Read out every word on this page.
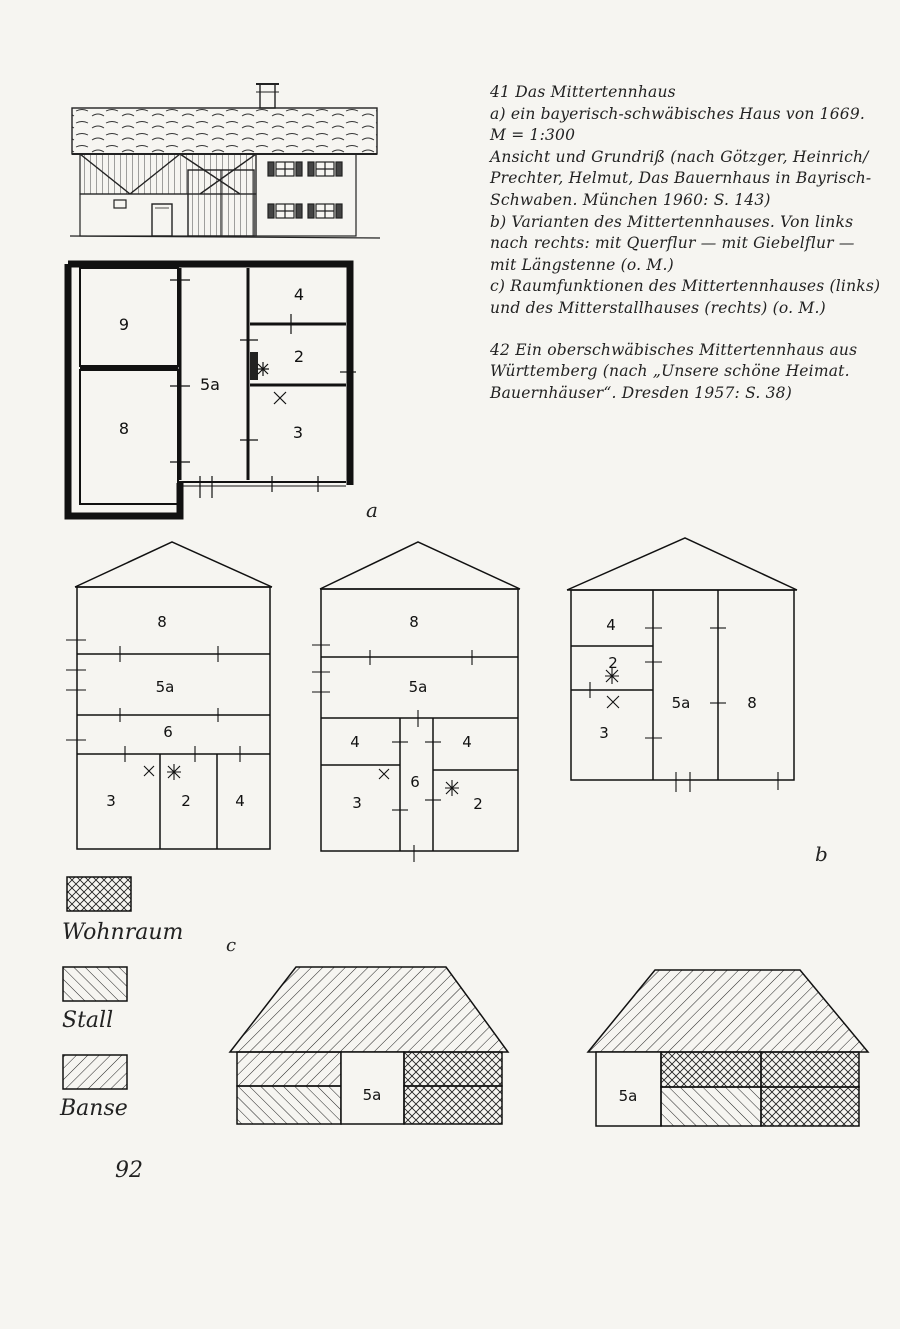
41 Das Mittertennhaus

a) ein bayerisch-schwäbisches Haus von 1669.

M = 1:300

Ansicht und Grundriß (nach Götzger, Heinrich/

Prechter, Helmut, Das Bauernhaus in Bayrisch-

Schwaben. München 1960: S. 143)

b) Varianten des Mittertennhauses. Von links

nach rechts: mit Querflur — mit Giebelflur —

mit Längstenne (o. M.)

c) Raumfunktionen des Mittertennhauses (links)

und des Mitterstallhauses (rechts) (o. M.)

42 Ein oberschwäbisches Mittertennhaus aus

Württemberg (nach „Unsere schöne Heimat.

Bauernhäuser“. Dresden 1957: S. 38)

a
b
c
Wohnraum
Stall
Banse
92
9
8
5a
4
2
3
8
5a
6
3	2	4
8
5a
4	4
3
6
2
4
2
3
5a	8
5a	5a
